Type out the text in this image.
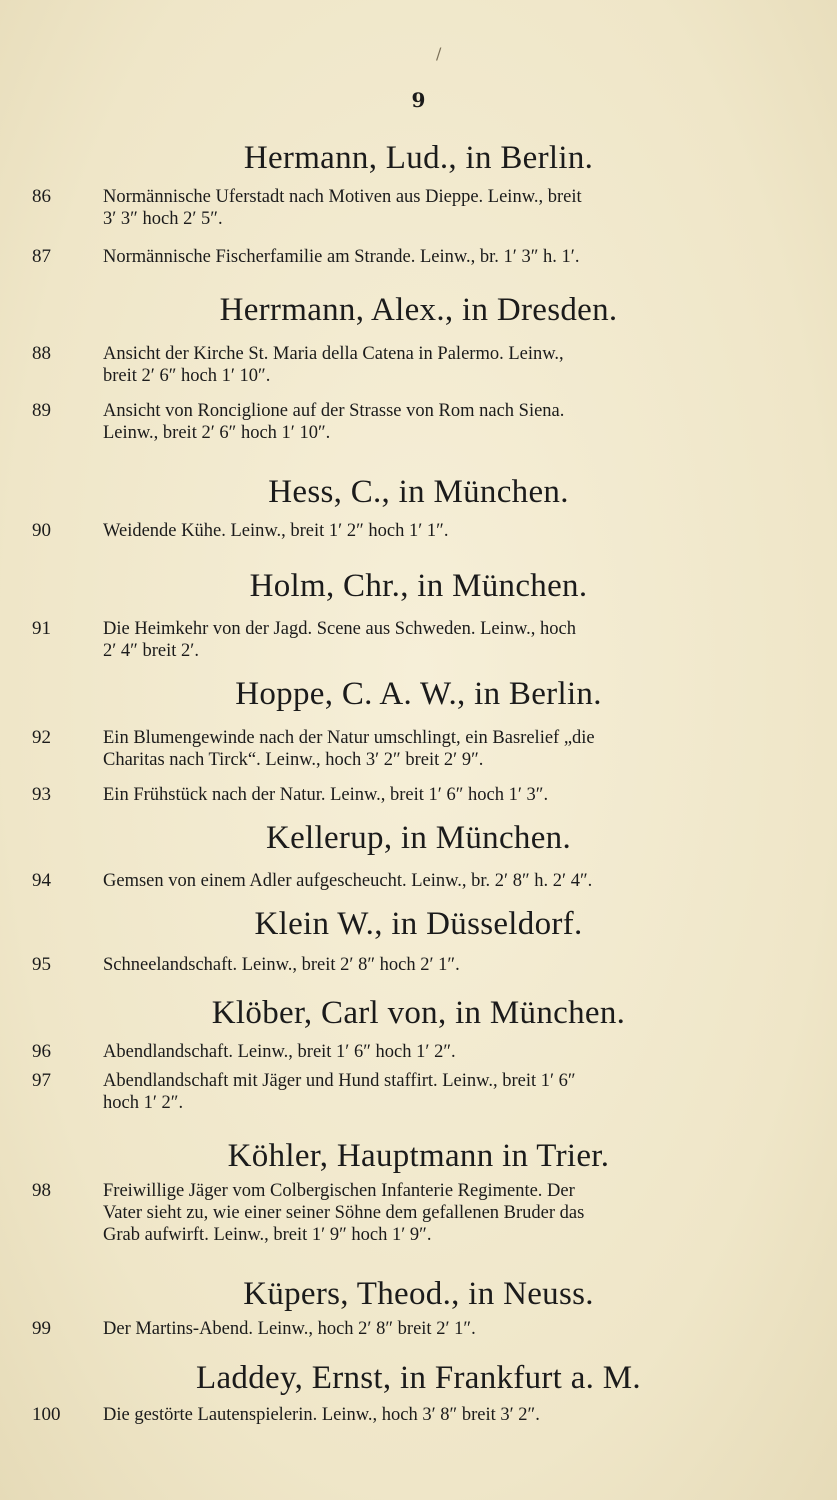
/
9
Hermann, Lud., in Berlin.
86	Normännische Uferstadt nach Motiven aus Dieppe. Leinw., breit
3′ 3″ hoch 2′ 5″.
87	Normännische Fischerfamilie am Strande. Leinw., br. 1′ 3″ h. 1′.
Herrmann, Alex., in Dresden.
88	Ansicht der Kirche St. Maria della Catena in Palermo. Leinw.,
breit 2′ 6″ hoch 1′ 10″.
89	Ansicht von Ronciglione auf der Strasse von Rom nach Siena.
Leinw., breit 2′ 6″ hoch 1′ 10″.
Hess, C., in München.
90	Weidende Kühe. Leinw., breit 1′ 2″ hoch 1′ 1″.
Holm, Chr., in München.
91	Die Heimkehr von der Jagd. Scene aus Schweden. Leinw., hoch
2′ 4″ breit 2′.
Hoppe, C. A. W., in Berlin.
92	Ein Blumengewinde nach der Natur umschlingt, ein Basrelief „die
Charitas nach Tirck“. Leinw., hoch 3′ 2″ breit 2′ 9″.
93	Ein Frühstück nach der Natur. Leinw., breit 1′ 6″ hoch 1′ 3″.
Kellerup, in München.
94	Gemsen von einem Adler aufgescheucht. Leinw., br. 2′ 8″ h. 2′ 4″.
Klein W., in Düsseldorf.
95	Schneelandschaft. Leinw., breit 2′ 8″ hoch 2′ 1″.
Klöber, Carl von, in München.
96	Abendlandschaft. Leinw., breit 1′ 6″ hoch 1′ 2″.
97	Abendlandschaft mit Jäger und Hund staffirt. Leinw., breit 1′ 6″
hoch 1′ 2″.
Köhler, Hauptmann in Trier.
98	Freiwillige Jäger vom Colbergischen Infanterie Regimente. Der
Vater sieht zu, wie einer seiner Söhne dem gefallenen Bruder das
Grab aufwirft. Leinw., breit 1′ 9″ hoch 1′ 9″.
Küpers, Theod., in Neuss.
99	Der Martins-Abend. Leinw., hoch 2′ 8″ breit 2′ 1″.
Laddey, Ernst, in Frankfurt a. M.
100	Die gestörte Lautenspielerin. Leinw., hoch 3′ 8″ breit 3′ 2″.
